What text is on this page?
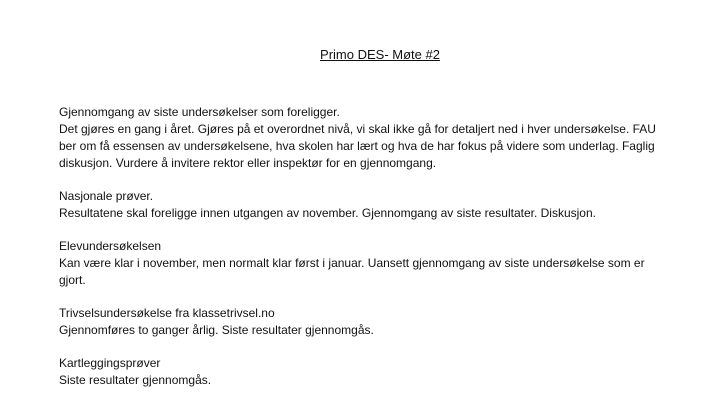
Primo DES- Møte #2

Gjennomgang av siste undersøkelser som foreligger.

Det gjøres en gang i året. Gjøres på et overordnet nivå, vi skal ikke gå for detaljert ned i hver undersøkelse. FAU ber om få essensen av undersøkelsene, hva skolen har lært og hva de har fokus på videre som underlag. Faglig diskusjon. Vurdere å invitere rektor eller inspektør for en gjennomgang.

Nasjonale prøver.

Resultatene skal foreligge innen utgangen av november. Gjennomgang av siste resultater. Diskusjon.

Elevundersøkelsen

Kan være klar i november, men normalt klar først i januar. Uansett gjennomgang av siste undersøkelse som er gjort.

Trivselsundersøkelse fra klassetrivsel.no

Gjennomføres to ganger årlig. Siste resultater gjennomgås.

Kartleggingsprøver

Siste resultater gjennomgås.
